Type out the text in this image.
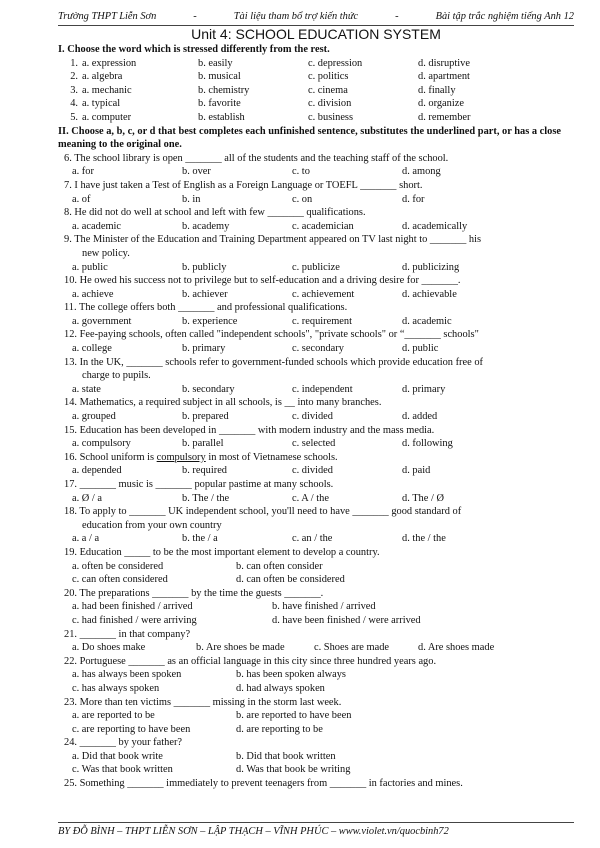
Trường THPT Liễn Sơn	-	Tài liệu tham bổ trợ kiến thức	-	Bài tập trắc nghiệm tiếng Anh 12
Unit 4: SCHOOL EDUCATION SYSTEM
I. Choose the word which is stressed differently from the rest.
1. a. expression	b. easily	c. depression	d. disruptive
2. a. algebra	b. musical	c. politics	d. apartment
3. a. mechanic	b. chemistry	c. cinema	d. finally
4. a. typical	b. favorite	c. division	d. organize
5. a. computer	b. establish	c. business	d. remember
II. Choose a, b, c, or d that best completes each unfinished sentence, substitutes the underlined part, or has a close meaning to the original one.
6. The school library is open _______ all of the students and the teaching staff of the school.
a. for	b. over	c. to	d. among
7. I have just taken a Test of English as a Foreign Language or TOEFL _______ short.
a. of	b. in	c. on	d. for
8. He did not do well at school and left with few _______ qualifications.
a. academic	b. academy	c. academician	d. academically
9. The Minister of the Education and Training Department appeared on TV last night to _______ his
new policy.
a. public	b. publicly	c. publicize	d. publicizing
10. He owed his success not to privilege but to self-education and a driving desire for _______.
a. achieve	b. achiever	c. achievement	d. achievable
11. The college offers both _______ and professional qualifications.
a. government	b. experience	c. requirement	d. academic
12. Fee-paying schools, often called "independent schools", "private schools" or “_______ schools"
a. college	b. primary	c. secondary	d. public
13. In the UK, _______ schools refer to government-funded schools which provide education free of
charge to pupils.
a. state	b. secondary	c. independent	d. primary
14. Mathematics, a required subject in all schools, is __ into many branches.
a. grouped	b. prepared	c. divided	d. added
15. Education has been developed in _______ with modern industry and the mass media.
a. compulsory	b. parallel	c. selected	d. following
16. School uniform is compulsory in most of Vietnamese schools.
a. depended	b. required	c. divided	d. paid
17. _______ music is _______ popular pastime at many schools.
a. Ø / a	b. The / the	c. A / the	d. The / Ø
18. To apply to _______ UK independent school, you'll need to have _______ good standard of
education from your own country
a. a / a	b. the / a	c. an / the	d. the / the
19. Education _____ to be the most important element to develop a country.
a. often be considered	b. can often consider
c. can often considered	d. can often be considered
20. The preparations _______ by the time the guests _______.
a. had been finished / arrived	b. have finished / arrived
c. had finished / were arriving	d. have been finished / were arrived
21. _______ in that company?
a. Do shoes make	b. Are shoes be made	c. Shoes are made	d. Are shoes made
22. Portuguese _______ as an official language in this city since three hundred years ago.
a. has always been spoken	b. has been spoken always
c. has always spoken	d. had always spoken
23. More than ten victims _______ missing in the storm last week.
a. are reported to be	b. are reported to have been
c. are reporting to have been	d. are reporting to be
24. _______ by your father?
a. Did that book write	b. Did that book written
c. Was that book written	d. Was that book be writing
25. Something _______ immediately to prevent teenagers from _______ in factories and mines.
BY ĐỖ BÌNH – THPT LIỄN SƠN – LẬP THẠCH – VĨNH PHÚC – www.violet.vn/quocbinh72
